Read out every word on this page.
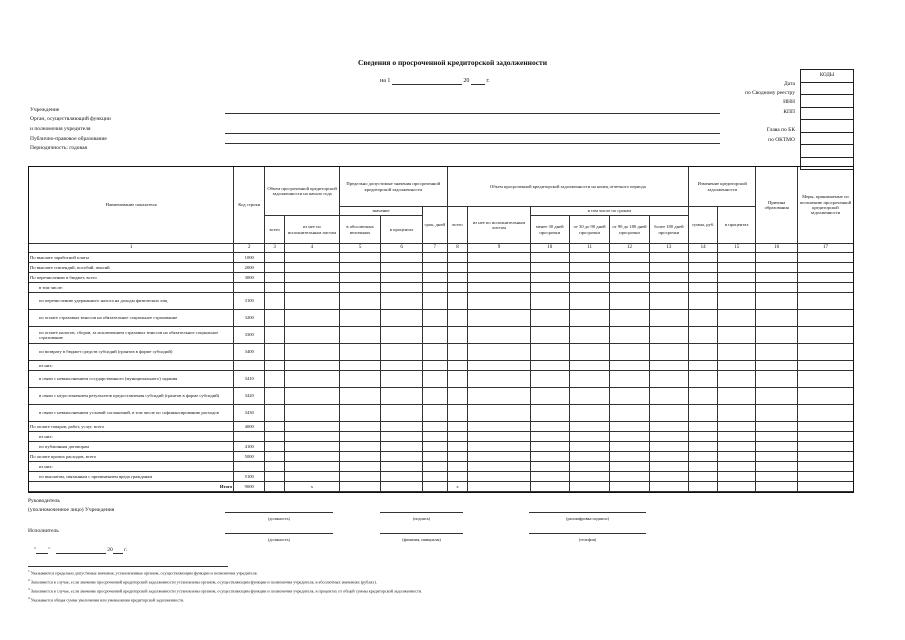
Сведения о просроченной кредиторской задолженности
на 1	20	г.
КОДЫ
Дата
по Сводному реестру
ИНН
КПП
Глава по БК
по ОКТМО
Учреждение
Орган, осуществляющий функции
и полномочия учредителя
Публично-правовое образование
Периодичность: годовая
Наименование показателя	Код строки	Объем просроченной кредиторской задолженности на начало года		Предельно допустимые значения просроченной кредиторской задолженности			Объем просроченной кредиторской задолженности на конец отчетного периода						Изменение кредиторской задолженности		Причина образования	Меры, принимаемые по погашению просроченной кредиторской задолженности
				значение		срок, дней	всего	из нее по исполнительным листам	в том числе по срокам				сумма, руб.	в процентах		
		всего	из нее по исполнительным листам	в абсолютных величинах	в процентах				менее 30 дней просрочки	от 30 до 90 дней просрочки	от 90 до 180 дней просрочки	более 180 дней просрочки				
1	2	3	4	5	6	7	8	9	10	11	12	13	14	15	16	17
По выплате заработной платы	1000															
По выплате стипендий, пособий, пенсий	2000															
По перечислению в бюджет, всего	3000															
в том числе:																
по перечислению удержанного налога на доходы физических лиц	3100															
по оплате страховых взносов на обязательное социальное страхование	3200															
по оплате налогов, сборов, за исключением страховых взносов на обязательное социальное страхование	3300															
по возврату в бюджет средств субсидий (грантов в форме субсидий)	3400															
из них:																
в связи с невыполнением государственного (муниципального) задания	3410															
в связи с недостижением результатов предоставления субсидий (грантов в форме субсидий)	3420															
в связи с невыполнением условий соглашений, в том числе по софинансированию расходов	3430															
По оплате товаров, работ, услуг, всего	4000															
из них:																
по публичным договорам	4100															
По оплате прочих расходов, всего	5000															
из них:																
по выплатам, связанным с причинением вреда гражданам	5100															
Итого	9000		х				х									
Руководитель
(уполномоченное лицо) Учреждения
(должность)	(подпись)	(расшифровка подписи)
Исполнитель
(должность)	(фамилия, инициалы)	(телефон)
" "	20 г.
$^1$ Указываются предельно допустимые значения, установленные органом, осуществляющим функции и полномочия учредителя.
$^2$ Заполняется в случае, если значение просроченной кредиторской задолженности установлены органом, осуществляющим функции и полномочия учредителя, в абсолютных значениях (рублях).
$^3$ Заполняется в случае, если значение просроченной кредиторской задолженности установлены органом, осуществляющим функции и полномочия учредителя, в процентах от общей суммы кредиторской задолженности.
$^4$ Указывается общая сумма увеличения или уменьшения кредиторской задолженности.
